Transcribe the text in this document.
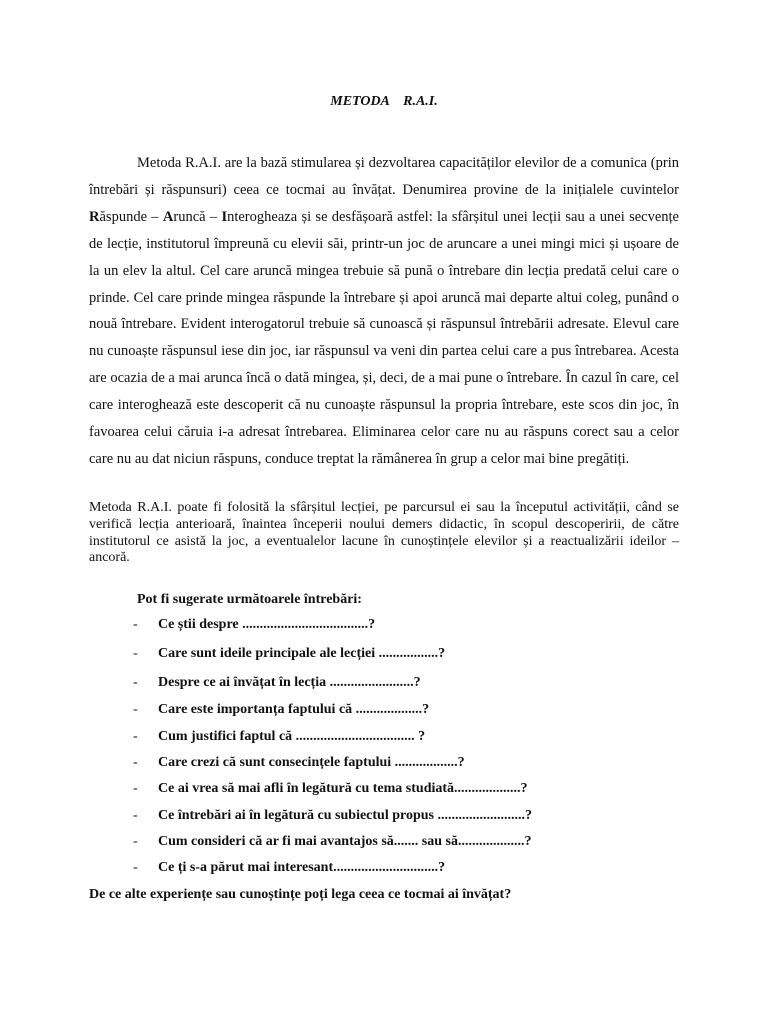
METODA    R.A.I.

Metoda R.A.I. are la bază stimularea și dezvoltarea capacităților elevilor de a comunica (prin întrebări și răspunsuri) ceea ce tocmai au învățat. Denumirea provine de la inițialele cuvintelor Răspunde – Aruncă – Interogheaza și se desfășoară astfel: la sfârșitul unei lecții sau a unei secvențe de lecție, institutorul împreună cu elevii săi, printr-un joc de aruncare a unei mingi mici și ușoare de la un elev la altul. Cel care aruncă mingea trebuie să pună o întrebare din lecția predată celui care o prinde. Cel care prinde mingea răspunde la întrebare și apoi aruncă mai departe altui coleg, punând o nouă întrebare. Evident interogatorul trebuie să cunoască și răspunsul întrebării adresate. Elevul care nu cunoaște răspunsul iese din joc, iar răspunsul va veni din partea celui care a pus întrebarea. Acesta are ocazia de a mai arunca încă o dată mingea, și, deci, de a mai pune o întrebare. În cazul în care, cel care interoghează este descoperit că nu cunoaște răspunsul la propria întrebare, este scos din joc, în favoarea celui căruia i-a adresat întrebarea. Eliminarea celor care nu au răspuns corect sau a celor care nu au dat niciun răspuns, conduce treptat la rămânerea în grup a celor mai bine pregătiți.

Metoda R.A.I. poate fi folosită la sfârșitul lecției, pe parcursul ei sau la începutul activității, când se verifică lecția anterioară, înaintea începerii noului demers didactic, în scopul descoperirii, de către institutorul ce asistă la joc, a eventualelor lacune în cunoștințele elevilor și a reactualizării ideilor – ancoră.

Pot fi sugerate următoarele întrebări:
- Ce știi despre ....................................?
- Care sunt ideile principale ale lecției .................?
- Despre ce ai învățat în lecția ........................?
- Care este importanța faptului că ...................?
- Cum justifici faptul că .................................. ?
- Care crezi că sunt consecințele faptului ..................?
- Ce ai vrea să mai afli în legătură cu tema studiată...................?
- Ce întrebări ai în legătură cu subiectul propus .........................?
- Cum consideri că ar fi mai avantajos să....... sau să...................?
- Ce ți s-a părut mai interesant..............................?
De ce alte experiențe sau cunoștințe poți lega ceea ce tocmai ai învățat?
